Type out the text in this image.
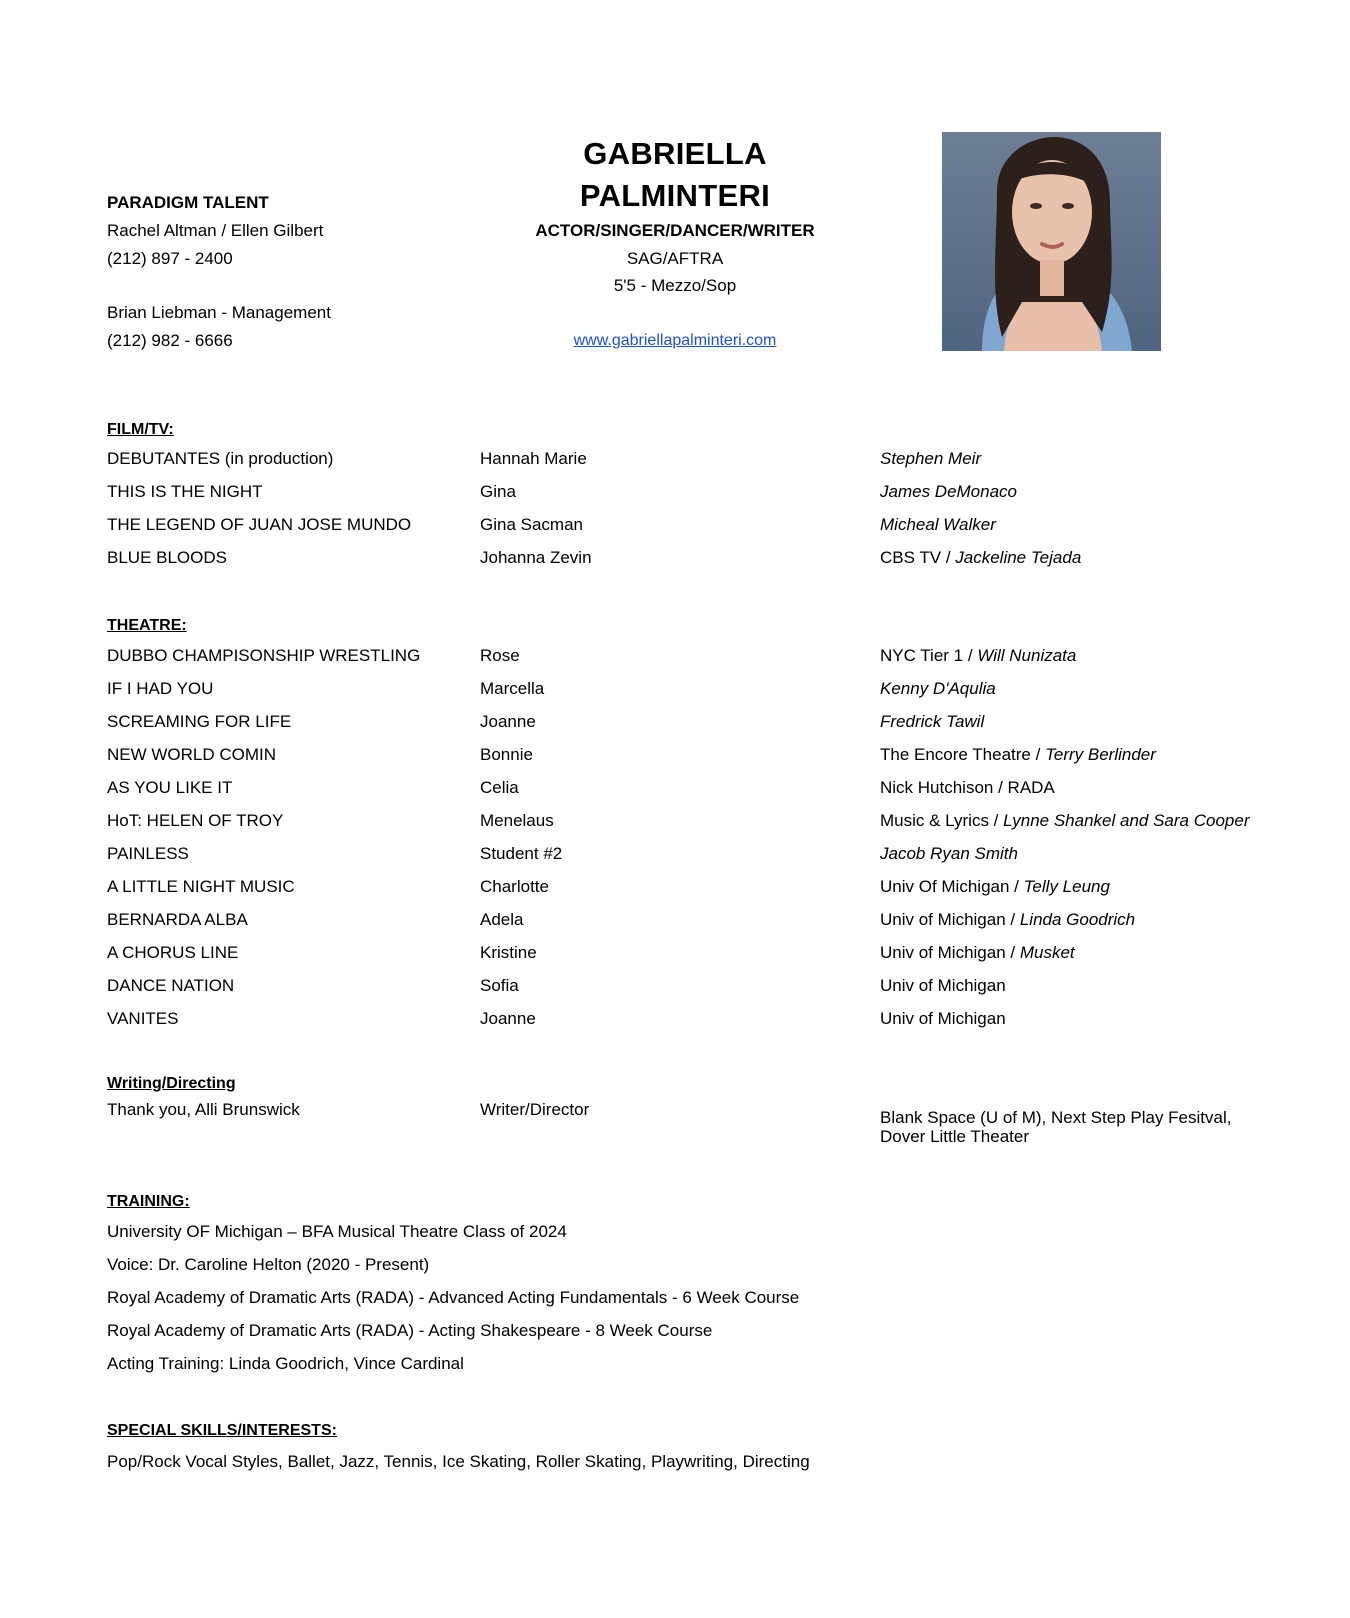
PARADIGM TALENT
Rachel Altman / Ellen Gilbert
(212) 897 - 2400
Brian Liebman - Management
(212) 982 - 6666
GABRIELLA
PALMINTERI
ACTOR/SINGER/DANCER/WRITER
SAG/AFTRA
5'5 - Mezzo/Sop
www.gabriellapalminteri.com
FILM/TV:
DEBUTANTES (in production)	Hannah Marie	Stephen Meir
THIS IS THE NIGHT	Gina	James DeMonaco
THE LEGEND OF JUAN JOSE MUNDO	Gina Sacman	Micheal Walker
BLUE BLOODS	Johanna Zevin	CBS TV / Jackeline Tejada
THEATRE:
DUBBO CHAMPISONSHIP WRESTLING	Rose	NYC Tier 1 / Will Nunizata
IF I HAD YOU	Marcella	Kenny D'Aqulia
SCREAMING FOR LIFE	Joanne	Fredrick Tawil
NEW WORLD COMIN	Bonnie	The Encore Theatre / Terry Berlinder
AS YOU LIKE IT	Celia	Nick Hutchison / RADA
HoT: HELEN OF TROY	Menelaus	Music & Lyrics / Lynne Shankel and Sara Cooper
PAINLESS	Student #2	Jacob Ryan Smith
A LITTLE NIGHT MUSIC	Charlotte	Univ Of Michigan / Telly Leung
BERNARDA ALBA	Adela	Univ of Michigan / Linda Goodrich
A CHORUS LINE	Kristine	Univ of Michigan / Musket
DANCE NATION	Sofia	Univ of Michigan
VANITES	Joanne	Univ of Michigan
Writing/Directing
Thank you, Alli Brunswick	Writer/Director	Blank Space (U of M), Next Step Play Fesitval,
Dover Little Theater
TRAINING:
University OF Michigan – BFA Musical Theatre Class of 2024
Voice: Dr. Caroline Helton (2020 - Present)
Royal Academy of Dramatic Arts (RADA) - Advanced Acting Fundamentals - 6 Week Course
Royal Academy of Dramatic Arts (RADA) - Acting Shakespeare - 8 Week Course
Acting Training: Linda Goodrich, Vince Cardinal
SPECIAL SKILLS/INTERESTS:
Pop/Rock Vocal Styles, Ballet, Jazz, Tennis, Ice Skating, Roller Skating, Playwriting, Directing
